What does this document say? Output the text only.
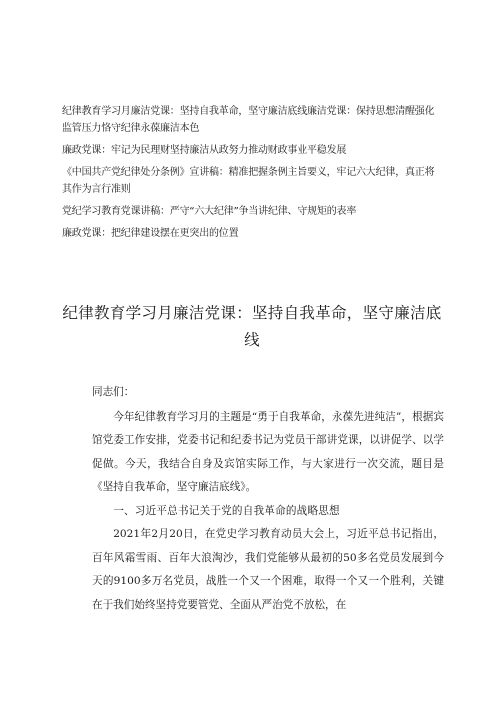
纪律教育学习月廉洁党课：坚持自我革命，坚守廉洁底线廉洁党课：保持思想清醒强化监管压力恪守纪律永葆廉洁本色
廉政党课：牢记为民理财坚持廉洁从政努力推动财政事业平稳发展
《中国共产党纪律处分条例》宣讲稿：精准把握条例主旨要义，牢记六大纪律，真正将其作为言行准则
党纪学习教育党课讲稿：严守“六大纪律”争当讲纪律、守规矩的表率
廉政党课：把纪律建设摆在更突出的位置
纪律教育学习月廉洁党课：坚持自我革命，坚守廉洁底线

同志们：

今年纪律教育学习月的主题是“勇于自我革命，永葆先进纯洁”，根据宾馆党委工作安排，党委书记和纪委书记为党员干部讲党课，以讲促学、以学促做。今天，我结合自身及宾馆实际工作，与大家进行一次交流，题目是《坚持自我革命，坚守廉洁底线》。

一、习近平总书记关于党的自我革命的战略思想

2021年2月20日，在党史学习教育动员大会上，习近平总书记指出，百年风霜雪雨、百年大浪淘沙，我们党能够从最初的50多名党员发展到今天的9100多万名党员，战胜一个又一个困难，取得一个又一个胜利，关键在于我们始终坚持党要管党、全面从严治党不放松，在
